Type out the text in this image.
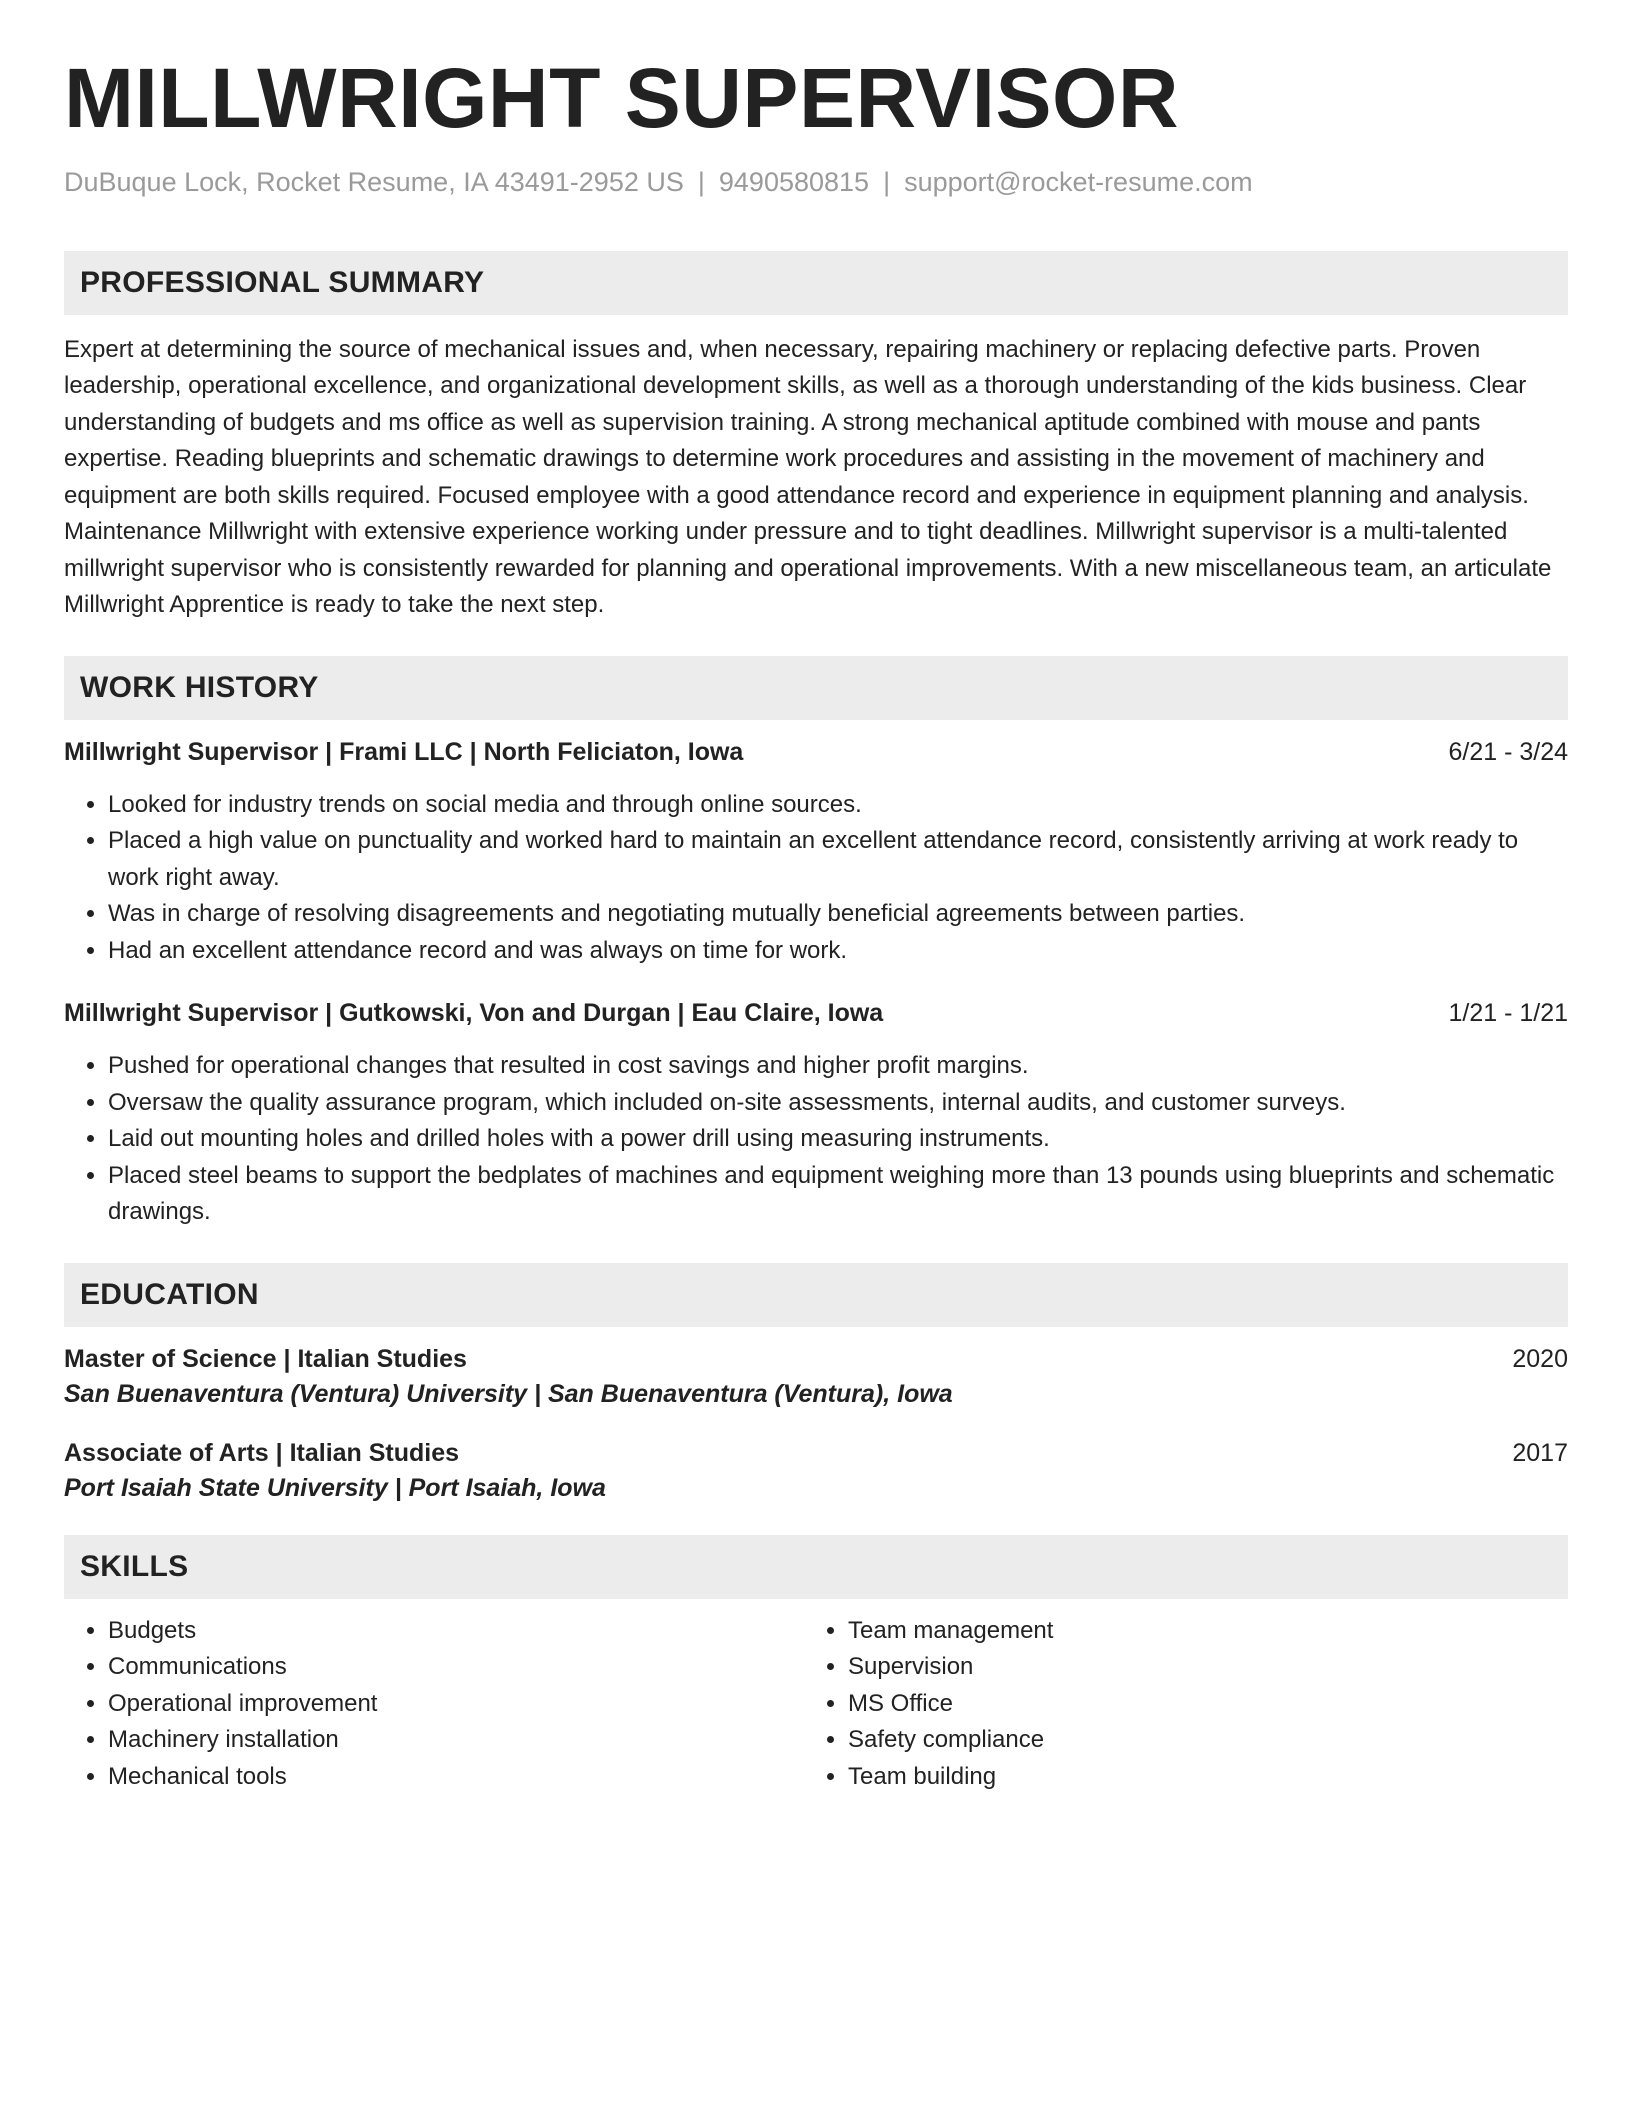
MILLWRIGHT SUPERVISOR
DuBuque Lock, Rocket Resume, IA 43491-2952 US | 9490580815 | support@rocket-resume.com
PROFESSIONAL SUMMARY

Expert at determining the source of mechanical issues and, when necessary, repairing machinery or replacing defective parts. Proven leadership, operational excellence, and organizational development skills, as well as a thorough understanding of the kids business. Clear understanding of budgets and ms office as well as supervision training. A strong mechanical aptitude combined with mouse and pants expertise. Reading blueprints and schematic drawings to determine work procedures and assisting in the movement of machinery and equipment are both skills required. Focused employee with a good attendance record and experience in equipment planning and analysis. Maintenance Millwright with extensive experience working under pressure and to tight deadlines. Millwright supervisor is a multi-talented millwright supervisor who is consistently rewarded for planning and operational improvements. With a new miscellaneous team, an articulate Millwright Apprentice is ready to take the next step.

WORK HISTORY
Millwright Supervisor | Frami LLC | North Feliciaton, Iowa	6/21 - 3/24
• Looked for industry trends on social media and through online sources.
• Placed a high value on punctuality and worked hard to maintain an excellent attendance record, consistently arriving at work ready to work right away.
• Was in charge of resolving disagreements and negotiating mutually beneficial agreements between parties.
• Had an excellent attendance record and was always on time for work.
Millwright Supervisor | Gutkowski, Von and Durgan | Eau Claire, Iowa	1/21 - 1/21
• Pushed for operational changes that resulted in cost savings and higher profit margins.
• Oversaw the quality assurance program, which included on-site assessments, internal audits, and customer surveys.
• Laid out mounting holes and drilled holes with a power drill using measuring instruments.
• Placed steel beams to support the bedplates of machines and equipment weighing more than 13 pounds using blueprints and schematic drawings.
EDUCATION
Master of Science | Italian Studies	2020
San Buenaventura (Ventura) University | San Buenaventura (Ventura), Iowa
Associate of Arts | Italian Studies	2017
Port Isaiah State University | Port Isaiah, Iowa
SKILLS
• Budgets
• Communications
• Operational improvement
• Machinery installation
• Mechanical tools
• Team management
• Supervision
• MS Office
• Safety compliance
• Team building
